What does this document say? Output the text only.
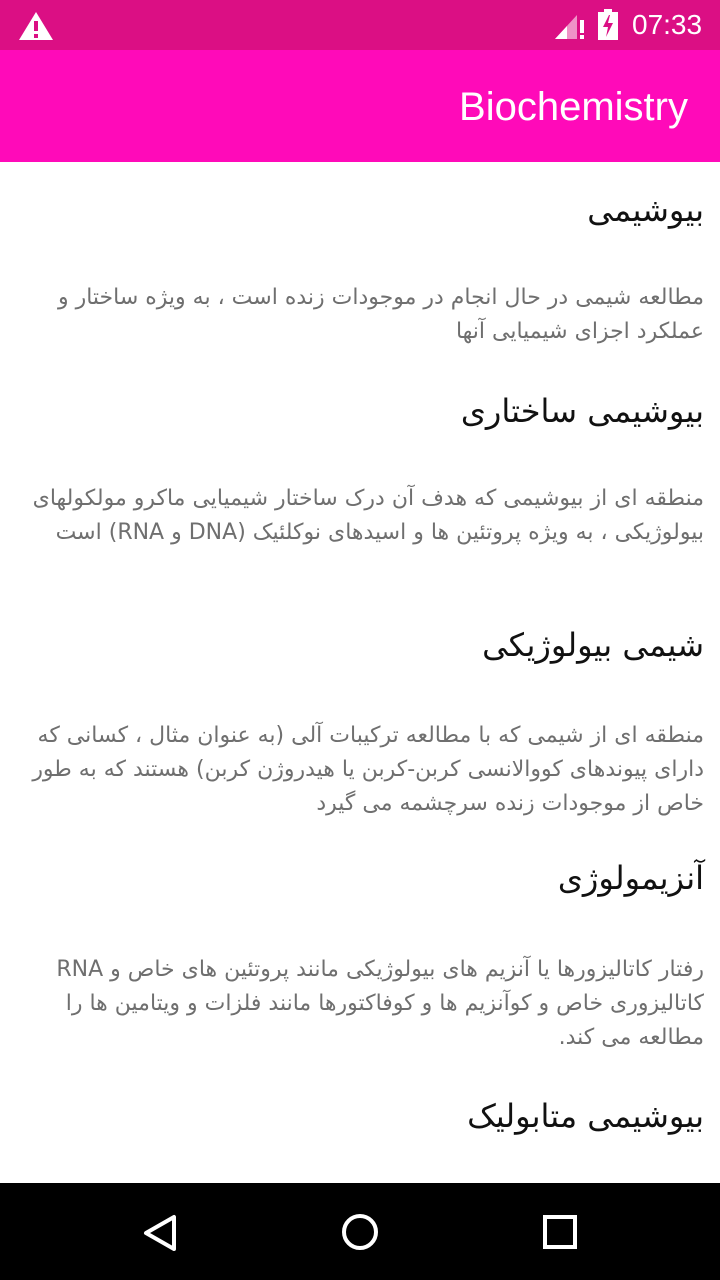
07:33
Biochemistry
بیوشیمی
مطالعه شیمی در حال انجام در موجودات زنده است ، به ویژه ساختار و عملکرد اجزای شیمیایی آنها
بیوشیمی ساختاری
منطقه ای از بیوشیمی که هدف آن درک ساختار شیمیایی ماکرو مولکولهای بیولوژیکی ، به ویژه پروتئین ها و اسیدهای نوکلئیک (DNA و RNA) است
شیمی بیولوژیکی
منطقه ای از شیمی که با مطالعه ترکیبات آلی (به عنوان مثال ، کسانی که دارای پیوندهای کووالانسی کربن-کربن یا هیدروژن کربن) هستند که به طور خاص از موجودات زنده سرچشمه می گیرد
آنزیمولوژی
رفتار کاتالیزورها یا آنزیم های بیولوژیکی مانند پروتئین های خاص و RNA کاتالیزوری خاص و کوآنزیم ها و کوفاکتورها مانند فلزات و ویتامین ها را مطالعه می کند.
بیوشیمی متابولیک
